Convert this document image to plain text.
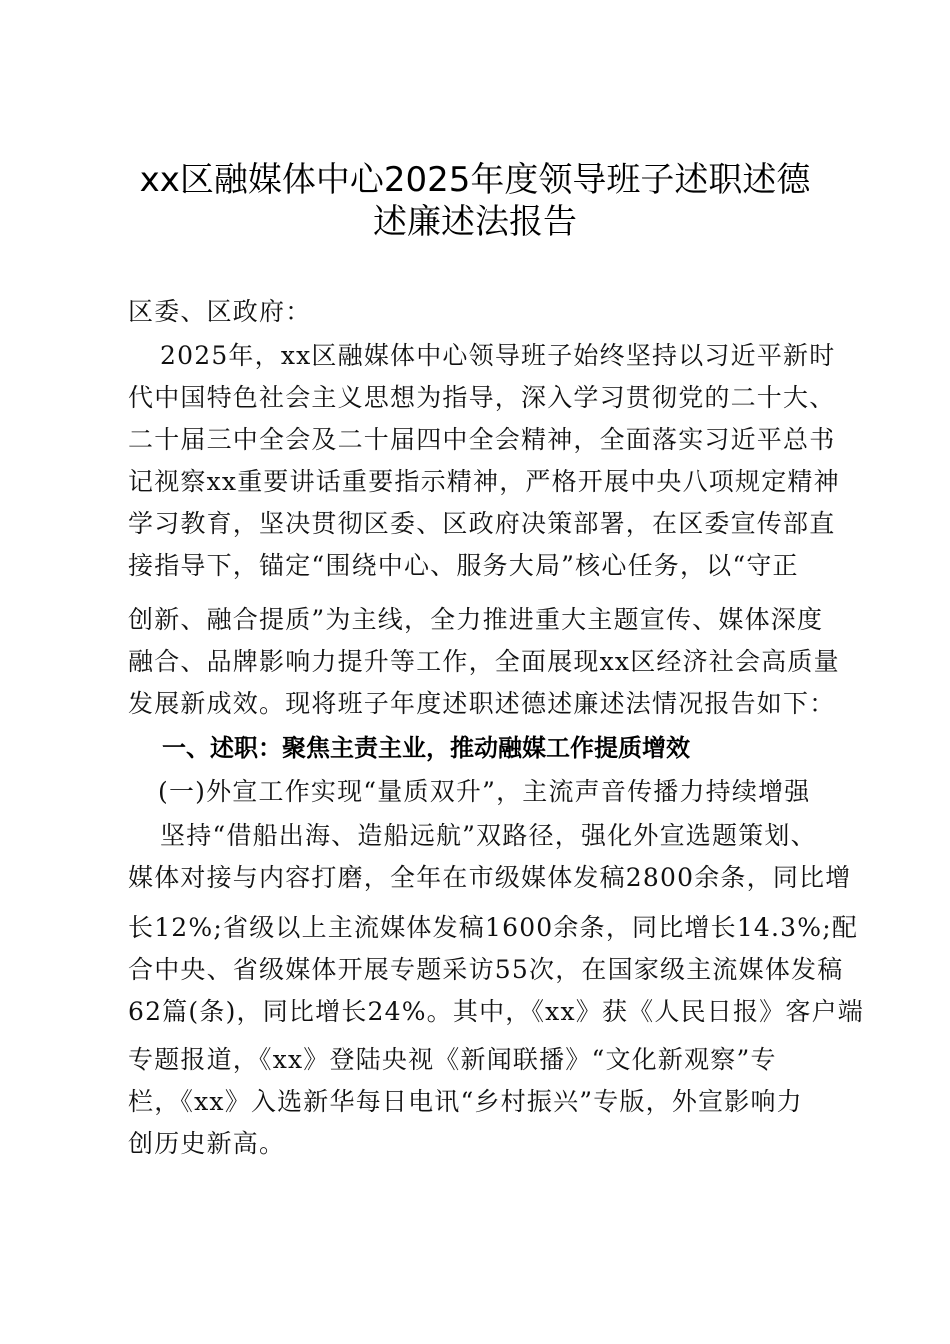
xx区融媒体中心2025年度领导班子述职述德
述廉述法报告
区委、区政府：
2025年，xx区融媒体中心领导班子始终坚持以习近平新时
代中国特色社会主义思想为指导，深入学习贯彻党的二十大、
二十届三中全会及二十届四中全会精神，全面落实习近平总书
记视察xx重要讲话重要指示精神，严格开展中央八项规定精神
学习教育，坚决贯彻区委、区政府决策部署，在区委宣传部直
接指导下，锚定“围绕中心、服务大局”核心任务，以“守正
创新、融合提质”为主线，全力推进重大主题宣传、媒体深度
融合、品牌影响力提升等工作，全面展现xx区经济社会高质量
发展新成效。现将班子年度述职述德述廉述法情况报告如下：
一、述职：聚焦主责主业，推动融媒工作提质增效
(一)外宣工作实现“量质双升”，主流声音传播力持续增强
坚持“借船出海、造船远航”双路径，强化外宣选题策划、
媒体对接与内容打磨，全年在市级媒体发稿2800余条，同比增
长12%;省级以上主流媒体发稿1600余条，同比增长14.3%;配
合中央、省级媒体开展专题采访55次，在国家级主流媒体发稿
62篇(条)，同比增长24%。其中，《xx》获《人民日报》客户端
专题报道，《xx》登陆央视《新闻联播》“文化新观察”专
栏，《xx》入选新华每日电讯“乡村振兴”专版，外宣影响力
创历史新高。
